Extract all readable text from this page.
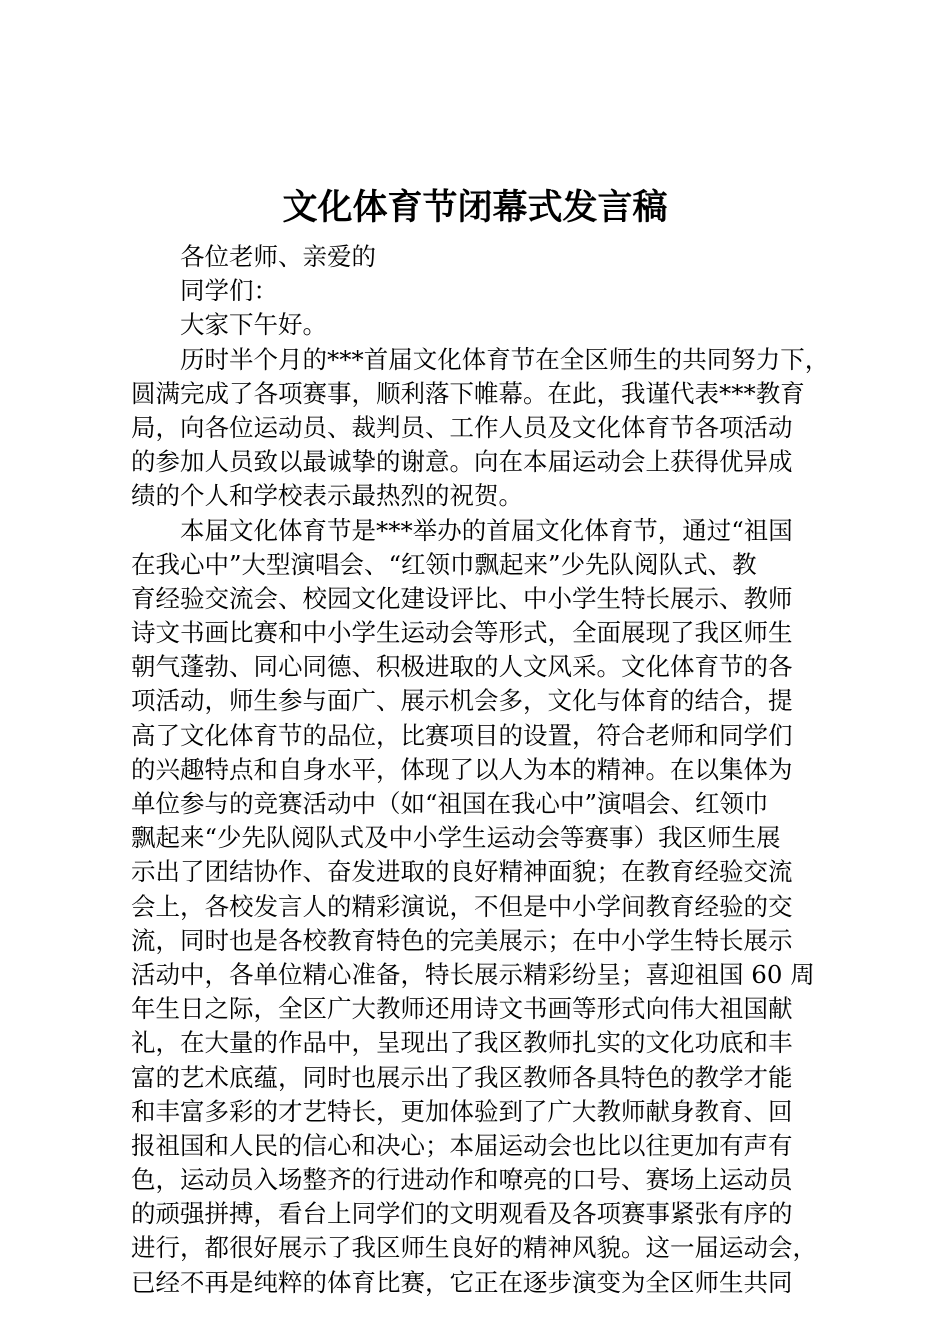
文化体育节闭幕式发言稿
各位老师、亲爱的
同学们：
大家下午好。
历时半个月的***首届文化体育节在全区师生的共同努力下，
圆满完成了各项赛事，顺利落下帷幕。在此，我谨代表***教育
局，向各位运动员、裁判员、工作人员及文化体育节各项活动
的参加人员致以最诚挚的谢意。向在本届运动会上获得优异成
绩的个人和学校表示最热烈的祝贺。
本届文化体育节是***举办的首届文化体育节，通过“祖国
在我心中”大型演唱会、“红领巾飘起来”少先队阅队式、教
育经验交流会、校园文化建设评比、中小学生特长展示、教师
诗文书画比赛和中小学生运动会等形式，全面展现了我区师生
朝气蓬勃、同心同德、积极进取的人文风采。文化体育节的各
项活动，师生参与面广、展示机会多，文化与体育的结合，提
高了文化体育节的品位，比赛项目的设置，符合老师和同学们
的兴趣特点和自身水平，体现了以人为本的精神。在以集体为
单位参与的竞赛活动中（如“祖国在我心中”演唱会、红领巾
飘起来“少先队阅队式及中小学生运动会等赛事）我区师生展
示出了团结协作、奋发进取的良好精神面貌；在教育经验交流
会上，各校发言人的精彩演说，不但是中小学间教育经验的交
流，同时也是各校教育特色的完美展示；在中小学生特长展示
活动中，各单位精心准备，特长展示精彩纷呈；喜迎祖国 60 周
年生日之际，全区广大教师还用诗文书画等形式向伟大祖国献
礼，在大量的作品中，呈现出了我区教师扎实的文化功底和丰
富的艺术底蕴，同时也展示出了我区教师各具特色的教学才能
和丰富多彩的才艺特长，更加体验到了广大教师献身教育、回
报祖国和人民的信心和决心；本届运动会也比以往更加有声有
色，运动员入场整齐的行进动作和嘹亮的口号、赛场上运动员
的顽强拼搏，看台上同学们的文明观看及各项赛事紧张有序的
进行，都很好展示了我区师生良好的精神风貌。这一届运动会，
已经不再是纯粹的体育比赛，它正在逐步演变为全区师生共同
